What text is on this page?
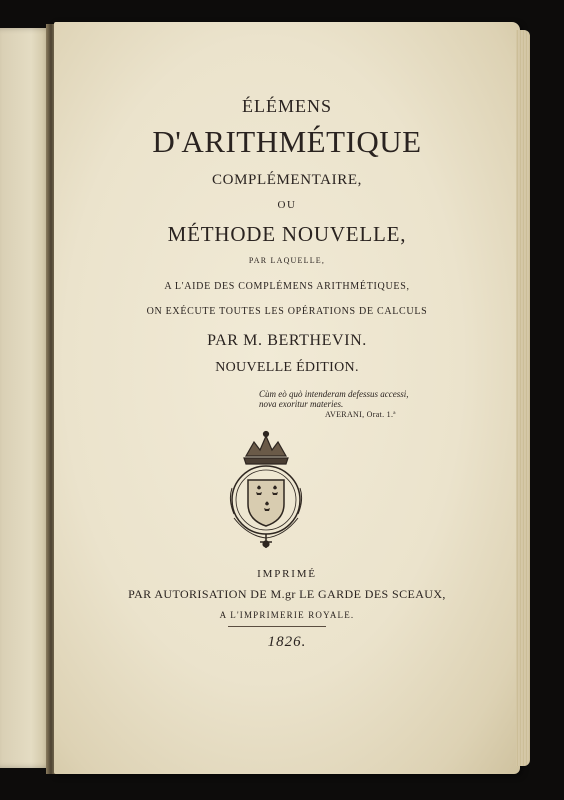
ÉLÉMENS
D'ARITHMÉTIQUE
COMPLÉMENTAIRE,
OU
MÉTHODE NOUVELLE,
PAR LAQUELLE,
A L'AIDE DES COMPLÉMENS ARITHMÉTIQUES,
ON EXÉCUTE TOUTES LES OPÉRATIONS DE CALCULS
PAR M. BERTHEVIN.
NOUVELLE ÉDITION.
Cùm eò quò intenderam defessus accessi,
nova exoritur materies.
AVERANI, Orat. 1.ª
IMPRIMÉ
PAR AUTORISATION DE M.gr LE GARDE DES SCEAUX,
A L'IMPRIMERIE ROYALE.
1826.
